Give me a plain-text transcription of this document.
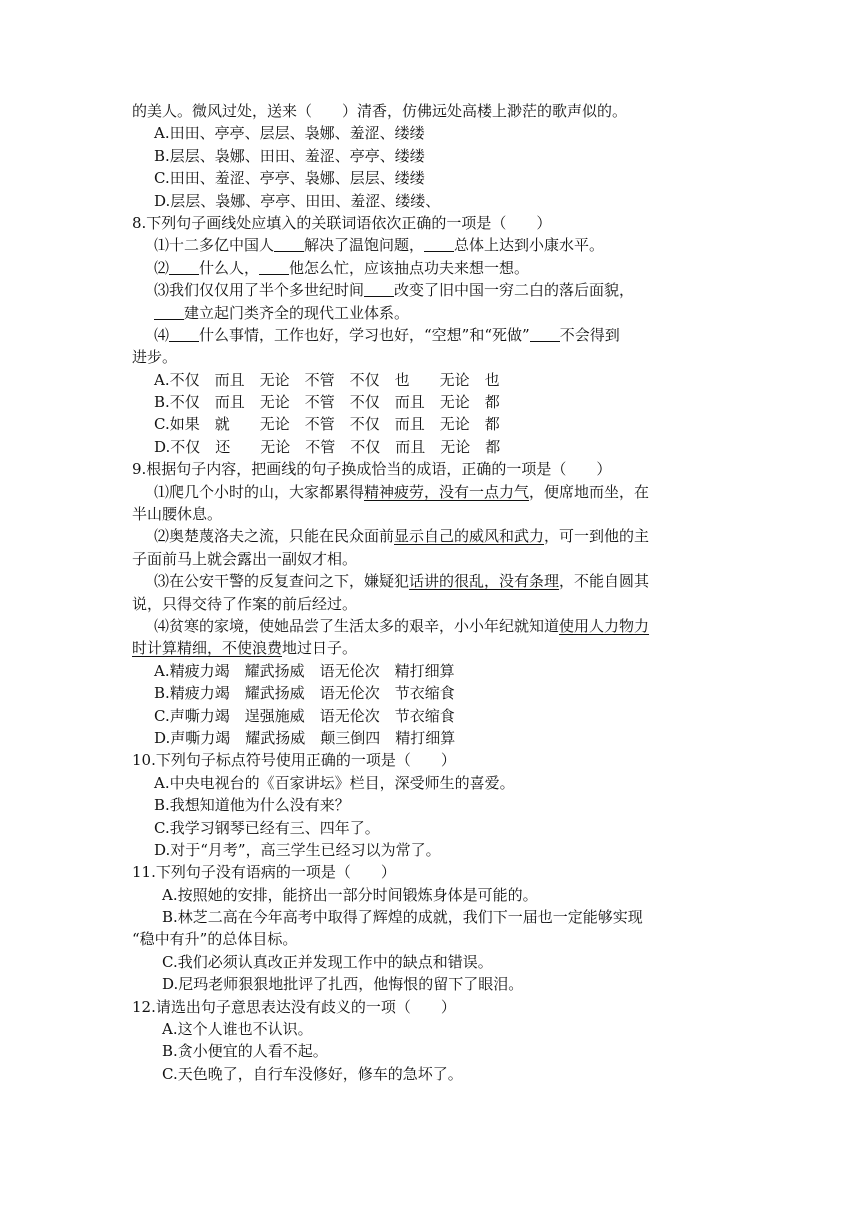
的美人。微风过处，送来（　　）清香，仿佛远处高楼上渺茫的歌声似的。
A.田田、亭亭、层层、袅娜、羞涩、缕缕
B.层层、袅娜、田田、羞涩、亭亭、缕缕
C.田田、羞涩、亭亭、袅娜、层层、缕缕
D.层层、袅娜、亭亭、田田、羞涩、缕缕、
8.下列句子画线处应填入的关联词语依次正确的一项是（　　）
⑴十二多亿中国人 解决了温饱问题， 总体上达到小康水平。
⑵ 什么人， 他怎么忙，应该抽点功夫来想一想。
⑶我们仅仅用了半个多世纪时间 改变了旧中国一穷二白的落后面貌，
建立起门类齐全的现代工业体系。
⑷ 什么事情，工作也好，学习也好，“空想”和“死做” 不会得到
进步。
A.不仅　而且　无论　不管　不仅　也　　无论　也
B.不仅　而且　无论　不管　不仅　而且　无论　都
C.如果　就　　无论　不管　不仅　而且　无论　都
D.不仅　还　　无论　不管　不仅　而且　无论　都
9.根据句子内容，把画线的句子换成恰当的成语，正确的一项是（　　）
⑴爬几个小时的山，大家都累得精神疲劳，没有一点力气，便席地而坐，在
半山腰休息。
⑵奥楚蔑洛夫之流，只能在民众面前显示自己的威风和武力，可一到他的主
子面前马上就会露出一副奴才相。
⑶在公安干警的反复查问之下，嫌疑犯话讲的很乱，没有条理，不能自圆其
说，只得交待了作案的前后经过。
⑷贫寒的家境，使她品尝了生活太多的艰辛，小小年纪就知道使用人力物力
时计算精细，不使浪费地过日子。
A.精疲力竭　耀武扬威　语无伦次　精打细算
B.精疲力竭　耀武扬威　语无伦次　节衣缩食
C.声嘶力竭　逞强施威　语无伦次　节衣缩食
D.声嘶力竭　耀武扬威　颠三倒四　精打细算
10.下列句子标点符号使用正确的一项是（　　）
A.中央电视台的《百家讲坛》栏目，深受师生的喜爱。
B.我想知道他为什么没有来？
C.我学习钢琴已经有三、四年了。
D.对于“月考”，高三学生已经习以为常了。
11.下列句子没有语病的一项是（　　）
A.按照她的安排，能挤出一部分时间锻炼身体是可能的。
B.林芝二高在今年高考中取得了辉煌的成就，我们下一届也一定能够实现
“稳中有升”的总体目标。
C.我们必须认真改正并发现工作中的缺点和错误。
D.尼玛老师狠狠地批评了扎西，他悔恨的留下了眼泪。
12.请选出句子意思表达没有歧义的一项（　　）
A.这个人谁也不认识。
B.贪小便宜的人看不起。
C.天色晚了，自行车没修好，修车的急坏了。
